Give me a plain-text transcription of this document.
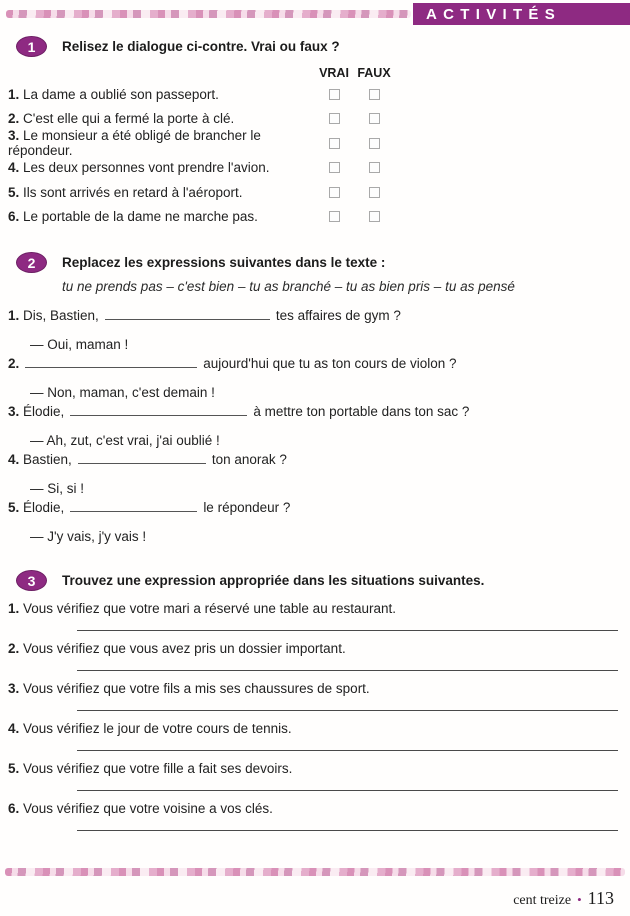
ACTIVITÉS
1	Relisez le dialogue ci-contre. Vrai ou faux ?
VRAI FAUX
1. La dame a oublié son passeport.
2. C'est elle qui a fermé la porte à clé.
3. Le monsieur a été obligé de brancher le répondeur.
4. Les deux personnes vont prendre l'avion.
5. Ils sont arrivés en retard à l'aéroport.
6. Le portable de la dame ne marche pas.
2	Replacez les expressions suivantes dans le texte :
tu ne prends pas – c'est bien – tu as branché – tu as bien pris – tu as pensé
1. Dis, Bastien,	tes affaires de gym ?
— Oui, maman !
2.	aujourd'hui que tu as ton cours de violon ?
— Non, maman, c'est demain !
3. Élodie,	à mettre ton portable dans ton sac ?
— Ah, zut, c'est vrai, j'ai oublié !
4. Bastien,	ton anorak ?
— Si, si !
5. Élodie,	le répondeur ?
— J'y vais, j'y vais !
3	Trouvez une expression appropriée dans les situations suivantes.
1. Vous vérifiez que votre mari a réservé une table au restaurant.
2. Vous vérifiez que vous avez pris un dossier important.
3. Vous vérifiez que votre fils a mis ses chaussures de sport.
4. Vous vérifiez le jour de votre cours de tennis.
5. Vous vérifiez que votre fille a fait ses devoirs.
6. Vous vérifiez que votre voisine a vos clés.
cent treize • 113
